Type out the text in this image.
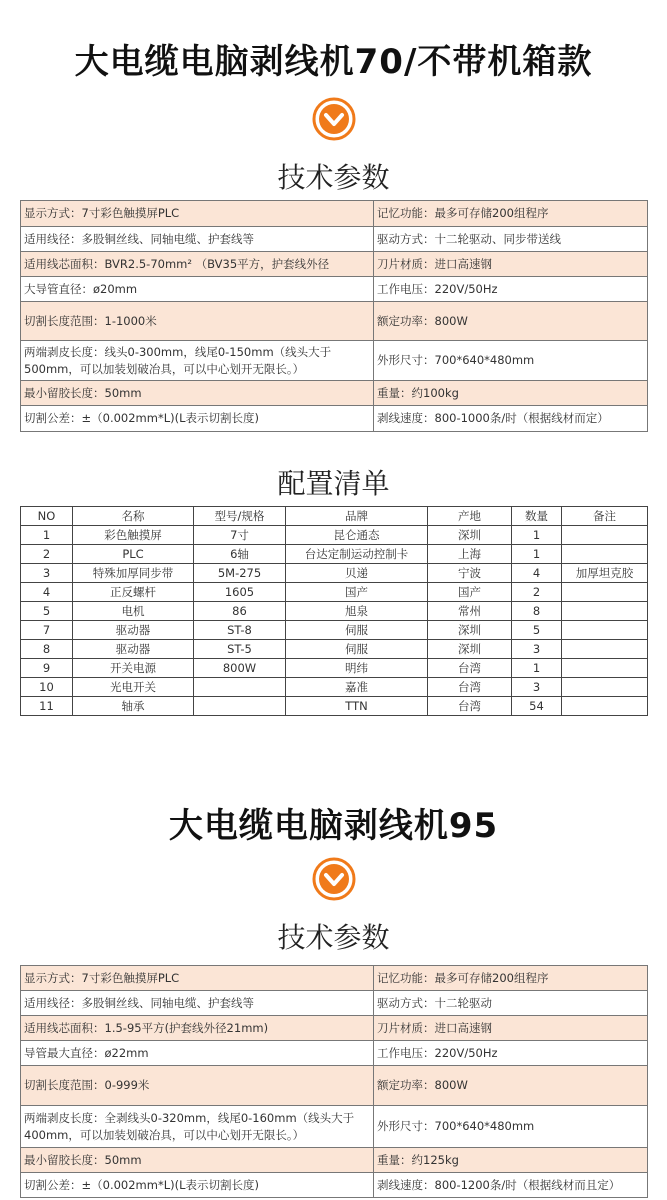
大电缆电脑剥线机70/不带机箱款
技术参数
显示方式：7寸彩色触摸屏PLC	记忆功能：最多可存储200组程序
适用线径：多股铜丝线、同轴电缆、护套线等	驱动方式：十二轮驱动、同步带送线
适用线芯面积：BVR2.5-70mm² （BV35平方，护套线外径	刀片材质：进口高速钢
大导管直径：ø20mm	工作电压：220V/50Hz
切割长度范围：1-1000米	额定功率：800W
两端剥皮长度：线头0-300mm，线尾0-150mm（线头大于500mm，可以加装划破冶具，可以中心划开无限长。）	外形尺寸：700*640*480mm
最小留胶长度：50mm	重量：约100kg
切割公差：±（0.002mm*L)(L表示切割长度)	剥线速度：800-1000条/时（根据线材而定）
配置清单
NO	名称	型号/规格	品牌	产地	数量	备注
1	彩色触摸屏	7寸	昆仑通态	深圳	1	
2	PLC	6轴	台达定制运动控制卡	上海	1	
3	特殊加厚同步带	5M-275	贝递	宁波	4	加厚坦克胶
4	正反螺杆	1605	国产	国产	2	
5	电机	86	旭泉	常州	8	
7	驱动器	ST-8	伺服	深圳	5	
8	驱动器	ST-5	伺服	深圳	3	
9	开关电源	800W	明纬	台湾	1	
10	光电开关		嘉准	台湾	3	
11	轴承		TTN	台湾	54	
大电缆电脑剥线机95
技术参数
显示方式：7寸彩色触摸屏PLC	记忆功能：最多可存储200组程序
适用线径：多股铜丝线、同轴电缆、护套线等	驱动方式：十二轮驱动
适用线芯面积：1.5-95平方(护套线外径21mm)	刀片材质：进口高速钢
导管最大直径：ø22mm	工作电压：220V/50Hz
切割长度范围：0-999米	额定功率：800W
两端剥皮长度：全剥线头0-320mm，线尾0-160mm（线头大于400mm，可以加装划破冶具，可以中心划开无限长。）	外形尺寸：700*640*480mm
最小留胶长度：50mm	重量：约125kg
切割公差：±（0.002mm*L)(L表示切割长度)	剥线速度：800-1200条/时（根据线材而且定）
